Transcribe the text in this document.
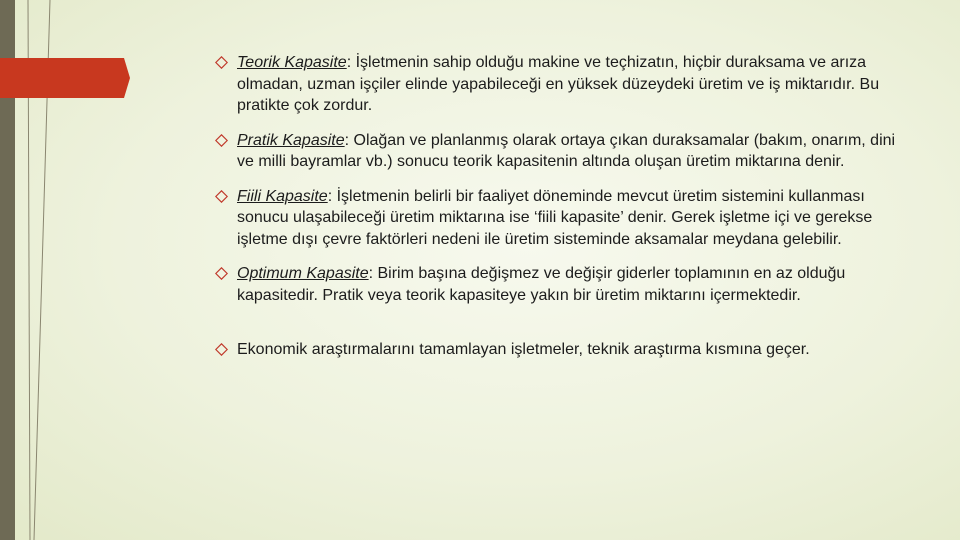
Teorik Kapasite: İşletmenin sahip olduğu makine ve teçhizatın, hiçbir duraksama ve arıza olmadan, uzman işçiler elinde yapabileceği en yüksek düzeydeki üretim ve iş miktarıdır. Bu pratikte çok zordur.
Pratik Kapasite: Olağan ve planlanmış olarak ortaya çıkan duraksamalar (bakım, onarım, dini ve milli bayramlar vb.) sonucu teorik kapasitenin altında oluşan üretim miktarına denir.
Fiili Kapasite: İşletmenin belirli bir faaliyet döneminde mevcut üretim sistemini kullanması sonucu ulaşabileceği üretim miktarına ise ‘fiili kapasite’ denir. Gerek işletme içi ve gerekse işletme dışı çevre faktörleri nedeni ile üretim sisteminde aksamalar meydana gelebilir.
Optimum Kapasite: Birim başına değişmez ve değişir giderler toplamının en az olduğu kapasitedir. Pratik veya teorik kapasiteye yakın bir üretim miktarını içermektedir.
Ekonomik araştırmalarını tamamlayan işletmeler, teknik araştırma kısmına geçer.
